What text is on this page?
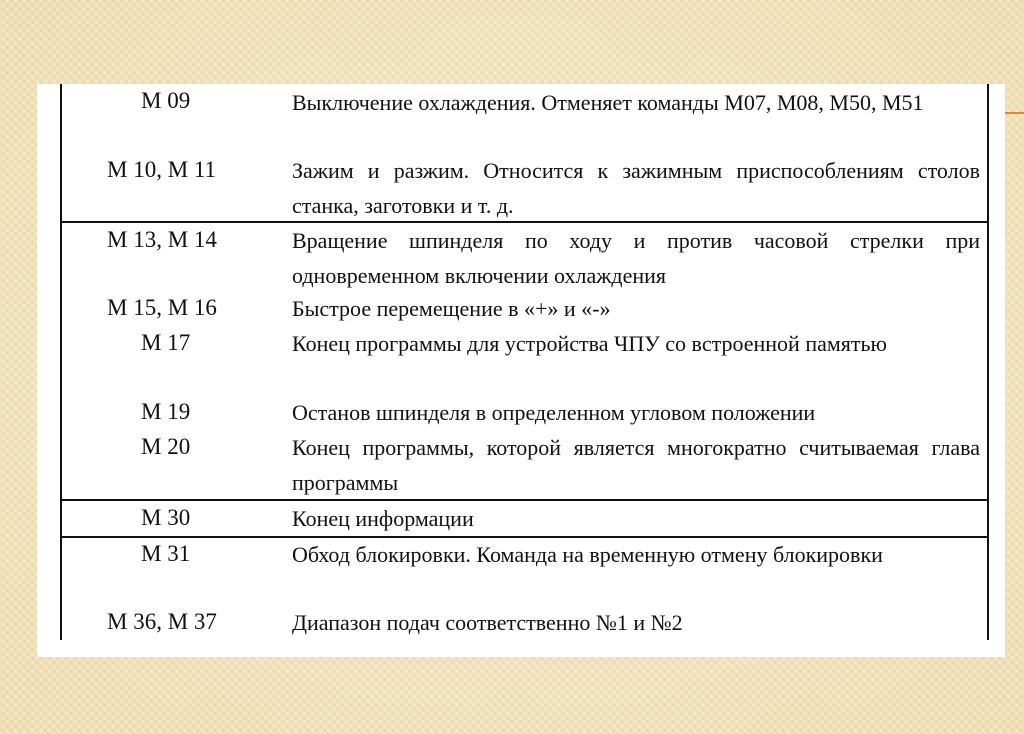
М 09	Выключение охлаждения. Отменяет команды М07, М08, М50, М51
М 10, М 11	Зажим и разжим. Относится к зажимным приспособлениям столов станка, заготовки и т. д.
М 13, М 14	Вращение шпинделя по ходу и против часовой стрелки при одновременном включении охлаждения
М 15, М 16	Быстрое перемещение в «+» и «-»
М 17	Конец программы для устройства ЧПУ со встроенной памятью
М 19	Останов шпинделя в определенном угловом положении
М 20	Конец программы, которой является многократно считываемая глава программы
М 30	Конец информации
М 31	Обход блокировки. Команда на временную отмену блокировки
М 36, М 37	Диапазон подач соответственно №1 и №2
